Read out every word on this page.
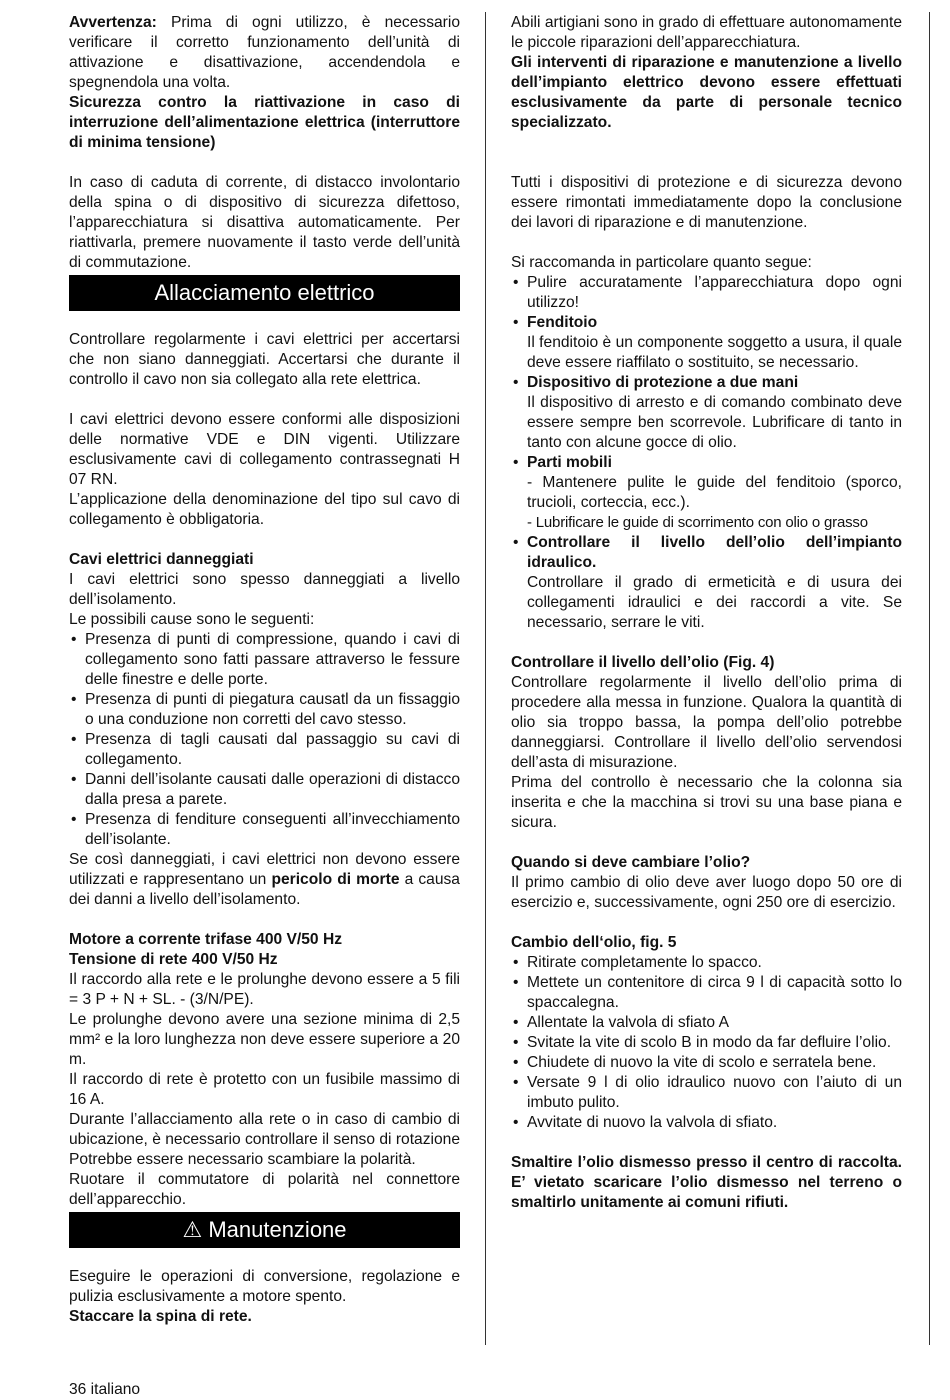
Avvertenza: Prima di ogni utilizzo, è necessario verificare il corretto funzionamento dell’unità di attivazione e disattivazione, accendendola e spegnendola una volta.

Sicurezza contro la riattivazione in caso di interruzione dell’alimentazione elettrica (interruttore di minima tensione)

In caso di caduta di corrente, di distacco involontario della spina o di dispositivo di sicurezza difettoso, l’apparecchiatura si disattiva automaticamente. Per riattivarla, premere nuovamente il tasto verde dell’unità di commutazione.

Allacciamento elettrico

Controllare regolarmente i cavi elettrici per accertarsi che non siano danneggiati. Accertarsi che durante il controllo il cavo non sia collegato alla rete elettrica.

I cavi elettrici devono essere conformi alle disposizioni delle normative VDE e DIN vigenti. Utilizzare esclusivamente cavi di collegamento contrassegnati H 07 RN.

L’applicazione della denominazione del tipo sul cavo di collegamento è obbligatoria.

Cavi elettrici danneggiati

I cavi elettrici sono spesso danneggiati a livello dell’isolamento.

Le possibili cause sono le seguenti:

• Presenza di punti di compressione, quando i cavi di collegamento sono fatti passare attraverso le fessure delle finestre e delle porte.
• Presenza di punti di piegatura causatl da un fissaggio o una conduzione non corretti del cavo stesso.
• Presenza di tagli causati dal passaggio su cavi di collegamento.
• Danni dell’isolante causati dalle operazioni di distacco dalla presa a parete.
• Presenza di fenditure conseguenti all’invecchiamento dell’isolante.

Se così danneggiati, i cavi elettrici non devono essere utilizzati e rappresentano un pericolo di morte a causa dei danni a livello dell’isolamento.

Motore a corrente trifase 400 V/50 Hz

Tensione di rete 400 V/50 Hz

Il raccordo alla rete e le prolunghe devono essere a 5 fili = 3 P + N + SL. - (3/N/PE).

Le prolunghe devono avere una sezione minima di 2,5 mm² e la loro lunghezza non deve essere superiore a 20 m.

Il raccordo di rete è protetto con un fusibile massimo di 16 A.

Durante l’allacciamento alla rete o in caso di cambio di ubicazione, è necessario controllare il senso di rotazione Potrebbe essere necessario scambiare la polarità.

Ruotare il commutatore di polarità nel connettore dell’apparecchio.

⚠ Manutenzione

Eseguire le operazioni di conversione, regolazione e pulizia esclusivamente a motore spento.

Staccare la spina di rete.

Abili artigiani sono in grado di effettuare autonomamente le piccole riparazioni dell’apparecchiatura.

Gli interventi di riparazione e manutenzione a livello dell’impianto elettrico devono essere effettuati esclusivamente da parte di personale tecnico specializzato.

Tutti i dispositivi di protezione e di sicurezza devono essere rimontati immediatamente dopo la conclusione dei lavori di riparazione e di manutenzione.

Si raccomanda in particolare quanto segue:

• Pulire accuratamente l’apparecchiatura dopo ogni utilizzo!
• Fenditoio
Il fenditoio è un componente soggetto a usura, il quale deve essere riaffilato o sostituito, se necessario.
• Dispositivo di protezione a due mani
Il dispositivo di arresto e di comando combinato deve essere sempre ben scorrevole. Lubrificare di tanto in tanto con alcune gocce di olio.
• Parti mobili
- Mantenere pulite le guide del fenditoio (sporco, trucioli, corteccia, ecc.).
- Lubrificare le guide di scorrimento con olio o grasso
• Controllare il livello dell’olio dell’impianto idraulico.
Controllare il grado di ermeticità e di usura dei collegamenti idraulici e dei raccordi a vite. Se necessario, serrare le viti.

Controllare il livello dell’olio (Fig. 4)

Controllare regolarmente il livello dell’olio prima di procedere alla messa in funzione. Qualora la quantità di olio sia troppo bassa, la pompa dell’olio potrebbe danneggiarsi. Controllare il livello dell’olio servendosi dell’asta di misurazione.

Prima del controllo è necessario che la colonna sia inserita e che la macchina si trovi su una base piana e sicura.

Quando si deve cambiare l’olio?

Il primo cambio di olio deve aver luogo dopo 50 ore di esercizio e, successivamente, ogni 250 ore di esercizio.

Cambio dell‘olio, fig. 5

• Ritirate completamente lo spacco.
• Mettete un contenitore di circa 9 l di capacità sotto lo spaccalegna.
• Allentate la valvola di sfiato A
• Svitate la vite di scolo B in modo da far defluire l’olio.
• Chiudete di nuovo la vite di scolo e serratela bene.
• Versate 9 l di olio idraulico nuovo con l’aiuto di un imbuto pulito.
• Avvitate di nuovo la valvola di sfiato.

Smaltire l’olio dismesso presso il centro di raccolta. E’ vietato scaricare l’olio dismesso nel terreno o smaltirlo unitamente ai comuni rifiuti.

36 italiano
